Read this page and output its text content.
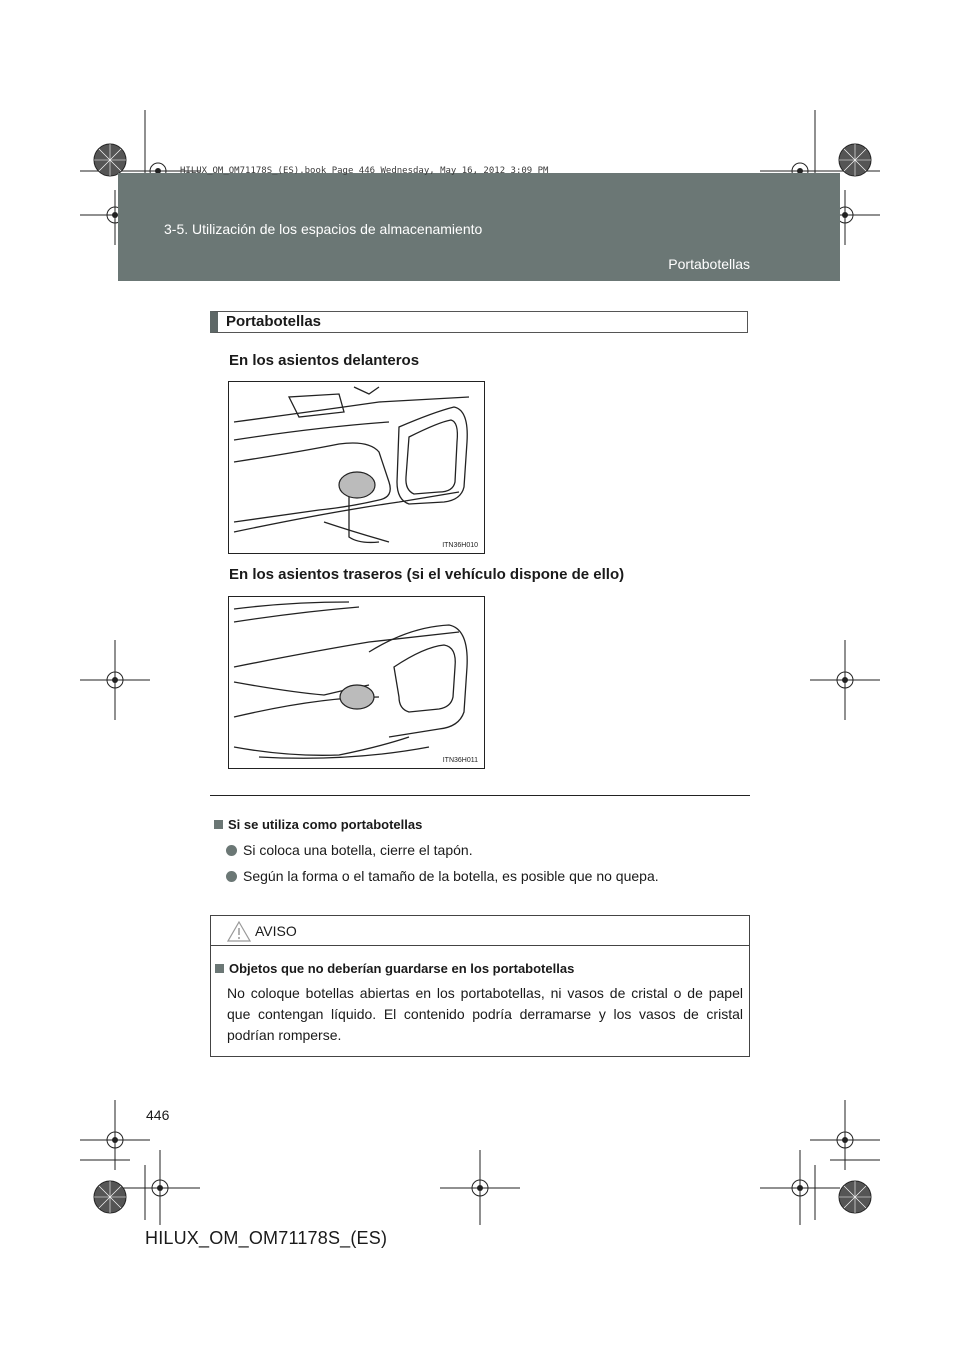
3-5. Utilización de los espacios de almacenamiento
Portabotellas
HILUX_OM_OM71178S_(ES).book Page 446 Wednesday, May 16, 2012 3:09 PM
Portabotellas
En los asientos delanteros
ITN36H010
En los asientos traseros (si el vehículo dispone de ello)
ITN36H011
Si se utiliza como portabotellas
Si coloca una botella, cierre el tapón.
Según la forma o el tamaño de la botella, es posible que no quepa.
AVISO
Objetos que no deberían guardarse en los portabotellas
No coloque botellas abiertas en los portabotellas, ni vasos de cristal o de papel que contengan líquido. El contenido podría derramarse y los vasos de cristal podrían romperse.
446
HILUX_OM_OM71178S_(ES)
